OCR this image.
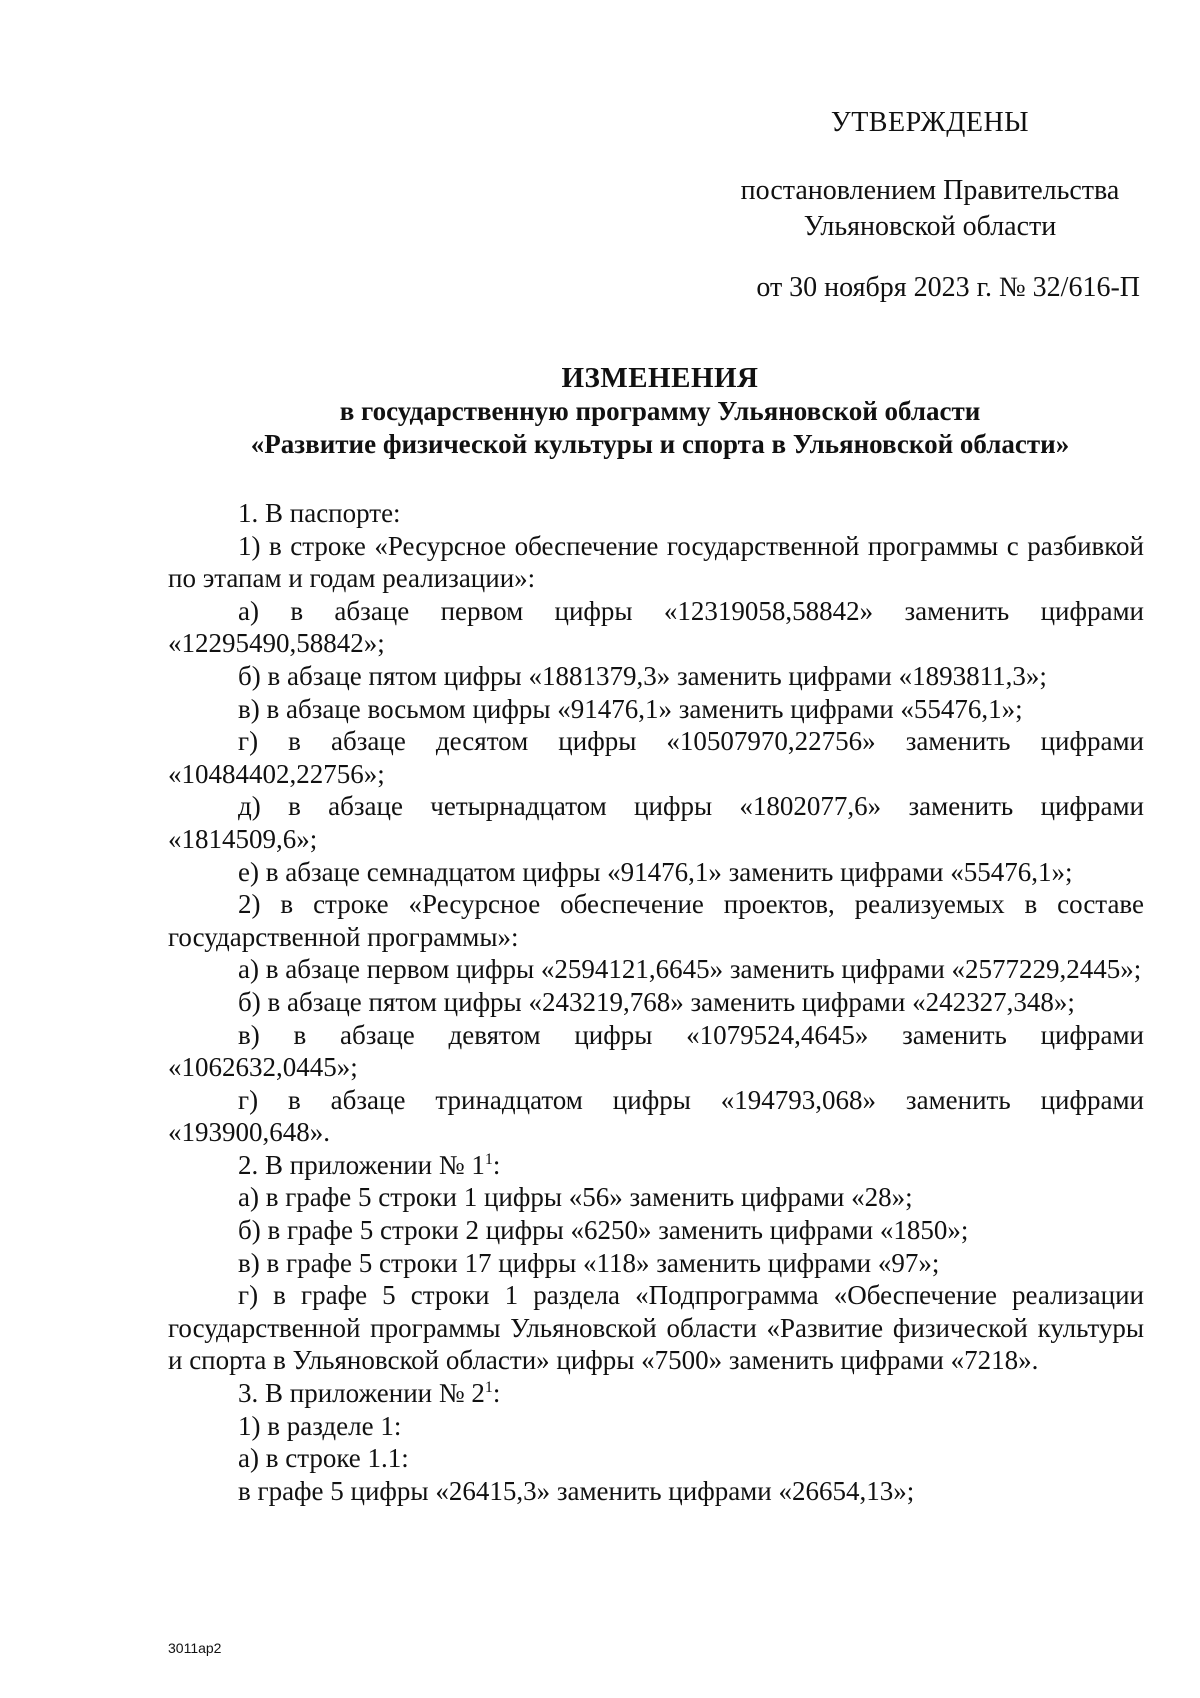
УТВЕРЖДЕНЫ
постановлением Правительства
Ульяновской области
от 30 ноября 2023 г. № 32/616-П
ИЗМЕНЕНИЯ
в государственную программу Ульяновской области
«Развитие физической культуры и спорта в Ульяновской области»

1. В паспорте:

1) в строке «Ресурсное обеспечение государственной программы с разбивкой по этапам и годам реализации»:

а) в абзаце первом цифры «12319058,58842» заменить цифрами «12295490,58842»;

б) в абзаце пятом цифры «1881379,3» заменить цифрами «1893811,3»;

в) в абзаце восьмом цифры «91476,1» заменить цифрами «55476,1»;

г) в абзаце десятом цифры «10507970,22756» заменить цифрами «10484402,22756»;

д) в абзаце четырнадцатом цифры «1802077,6» заменить цифрами «1814509,6»;

е) в абзаце семнадцатом цифры «91476,1» заменить цифрами «55476,1»;

2) в строке «Ресурсное обеспечение проектов, реализуемых в составе государственной программы»:

а) в абзаце первом цифры «2594121,6645» заменить цифрами «2577229,2445»;

б) в абзаце пятом цифры «243219,768» заменить цифрами «242327,348»;

в) в абзаце девятом цифры «1079524,4645» заменить цифрами «1062632,0445»;

г) в абзаце тринадцатом цифры «194793,068» заменить цифрами «193900,648».

2. В приложении № $1^1$:

а) в графе 5 строки 1 цифры «56» заменить цифрами «28»;

б) в графе 5 строки 2 цифры «6250» заменить цифрами «1850»;

в) в графе 5 строки 17 цифры «118» заменить цифрами «97»;

г) в графе 5 строки 1 раздела «Подпрограмма «Обеспечение реализации государственной программы Ульяновской области «Развитие физической культуры и спорта в Ульяновской области» цифры «7500» заменить цифрами «7218».

3. В приложении № $2^1$:

1) в разделе 1:

а) в строке 1.1:

в графе 5 цифры «26415,3» заменить цифрами «26654,13»;

3011ар2
